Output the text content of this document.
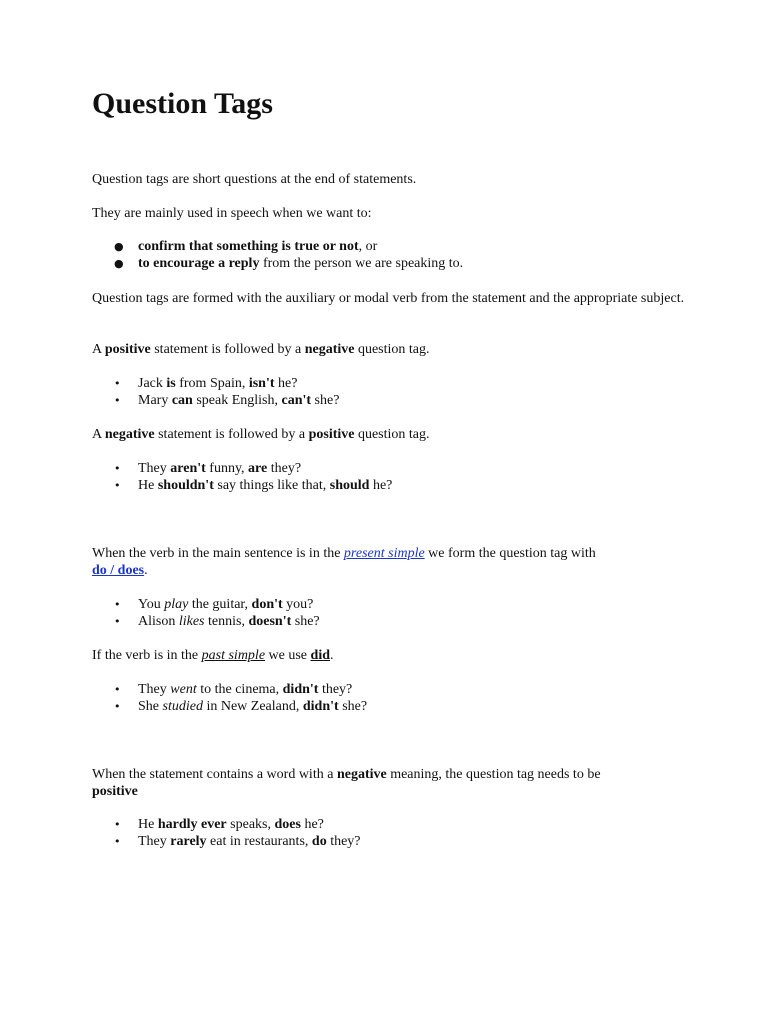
Question Tags

Question tags are short questions at the end of statements.

They are mainly used in speech when we want to:

● confirm that something is true or not, or

● to encourage a reply from the person we are speaking to.

Question tags are formed with the auxiliary or modal verb from the statement and the appropriate subject.

A positive statement is followed by a negative question tag.

• Jack is from Spain, isn't he?

• Mary can speak English, can't she?

A negative statement is followed by a positive question tag.

• They aren't funny, are they?

• He shouldn't say things like that, should he?

When the verb in the main sentence is in the present simple we form the question tag with
do / does.

• You play the guitar, don't you?

• Alison likes tennis, doesn't she?

If the verb is in the past simple we use did.

• They went to the cinema, didn't they?

• She studied in New Zealand, didn't she?

When the statement contains a word with a negative meaning, the question tag needs to be
positive

• He hardly ever speaks, does he?

• They rarely eat in restaurants, do they?
